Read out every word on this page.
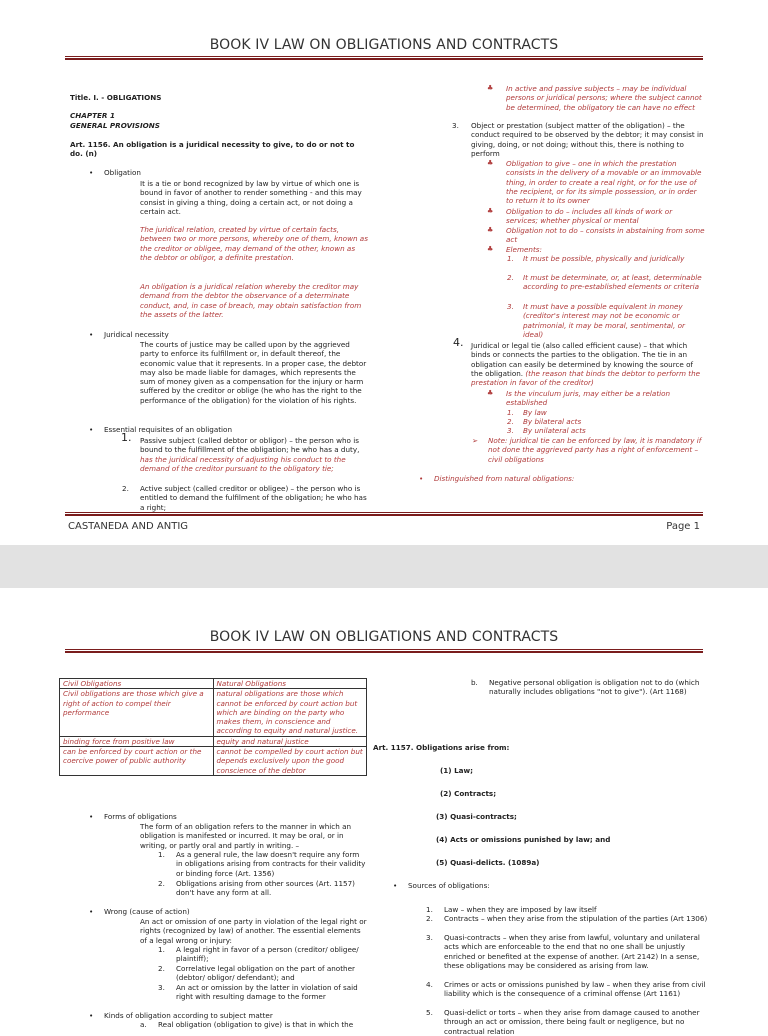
BOOK IV LAW ON OBLIGATIONS AND CONTRACTS

Title. I. - OBLIGATIONS

CHAPTER 1

GENERAL PROVISIONS

Art. 1156. An obligation is a juridical necessity to give, to do or not to do. (n)

• Obligation
It is a tie or bond recognized by law by virtue of which one is bound in favor of another to render something - and this may consist in giving a thing, doing a certain act, or not doing a certain act.
The juridical relation, created by virtue of certain facts, between two or more persons, whereby one of them, known as the creditor or obligee, may demand of the other, known as the debtor or obligor, a definite prestation.
An obligation is a juridical relation whereby the creditor may demand from the debtor the observance of a determinate conduct, and, in case of breach, may obtain satisfaction from the assets of the latter.
• Juridical necessity
The courts of justice may be called upon by the aggrieved party to enforce its fulfillment or, in default thereof, the economic value that it represents. In a proper case, the debtor may also be made liable for damages, which represents the sum of money given as a compensation for the injury or harm suffered by the creditor or oblige (he who has the right to the performance of the obligation) for the violation of his rights.
• Essential requisites of an obligation
1. Passive subject (called debtor or obligor) – the person who is bound to the fulfillment of the obligation; he who has a duty, has the juridical necessity of adjusting his conduct to the demand of the creditor pursuant to the obligatory tie;
2. Active subject (called creditor or obligee) – the person who is entitled to demand the fulfilment of the obligation; he who has a right;
♣ In active and passive subjects – may be individual persons or juridical persons; where the subject cannot be determined, the obligatory tie can have no effect
3. Object or prestation (subject matter of the obligation) – the conduct required to be observed by the debtor; it may consist in giving, doing, or not doing; without this, there is nothing to perform
♣ Obligation to give – one in which the prestation consists in the delivery of a movable or an immovable thing, in order to create a real right, or for the use of the recipient, or for its simple possession, or in order to return it to its owner
♣ Obligation to do – includes all kinds of work or services; whether physical or mental
♣ Obligation not to do – consists in abstaining from some act
♣ Elements:
1. It must be possible, physically and juridically
2. It must be determinate, or, at least, determinable according to pre-established elements or criteria
3. It must have a possible equivalent in money (creditor's interest may not be economic or patrimonial, it may be moral, sentimental, or ideal)
4. Juridical or legal tie (also called efficient cause) – that which binds or connects the parties to the obligation. The tie in an obligation can easily be determined by knowing the source of the obligation. (the reason that binds the debtor to perform the prestation in favor of the creditor)
♣ Is the vinculum juris, may either be a relation established
1. By law
2. By bilateral acts
3. By unilateral acts
➢ Note: juridical tie can be enforced by law, it is mandatory if not done the aggrieved party has a right of enforcement – civil obligations
• Distinguished from natural obligations:
CASTANEDA AND ANTIG	Page 1
BOOK IV LAW ON OBLIGATIONS AND CONTRACTS
Civil Obligations	Natural Obligations
Civil obligations are those which give a right of action to compel their performance	natural obligations are those which cannot be enforced by court action but which are binding on the party who makes them, in conscience and according to equity and natural justice.
binding force from positive law	equity and natural justice
can be enforced by court action or the coercive power of public authority	cannot be compelled by court action but depends exclusively upon the good conscience of the debtor
• Forms of obligations
The form of an obligation refers to the manner in which an obligation is manifested or incurred. It may be oral, or in writing, or partly oral and partly in writing. –
1. As a general rule, the law doesn't require any form in obligations arising from contracts for their validity or binding force (Art. 1356)
2. Obligations arising from other sources (Art. 1157) don't have any form at all.
• Wrong (cause of action)
An act or omission of one party in violation of the legal right or rights (recognized by law) of another. The essential elements of a legal wrong or injury:
1. A legal right in favor of a person (creditor/ obligee/ plaintiff);
2. Correlative legal obligation on the part of another (debtor/ obligor/ defendant); and
3. An act or omission by the latter in violation of said right with resulting damage to the former
• Kinds of obligation according to subject matter
a. Real obligation (obligation to give) is that in which the
b. Negative personal obligation is obligation not to do (which naturally includes obligations "not to give"). (Art 1168)
Art. 1157. Obligations arise from:
(1) Law;
(2) Contracts;
(3) Quasi-contracts;
(4) Acts or omissions punished by law; and
(5) Quasi-delicts. (1089a)
• Sources of obligations:
1. Law – when they are imposed by law itself
2. Contracts – when they arise from the stipulation of the parties (Art 1306)
3. Quasi-contracts – when they arise from lawful, voluntary and unilateral acts which are enforceable to the end that no one shall be unjustly enriched or benefited at the expense of another. (Art 2142) In a sense, these obligations may be considered as arising from law.
4. Crimes or acts or omissions punished by law – when they arise from civil liability which is the consequence of a criminal offense (Art 1161)
5. Quasi-delict or torts – when they arise from damage caused to another through an act or omission, there being fault or negligence, but no contractual relation
